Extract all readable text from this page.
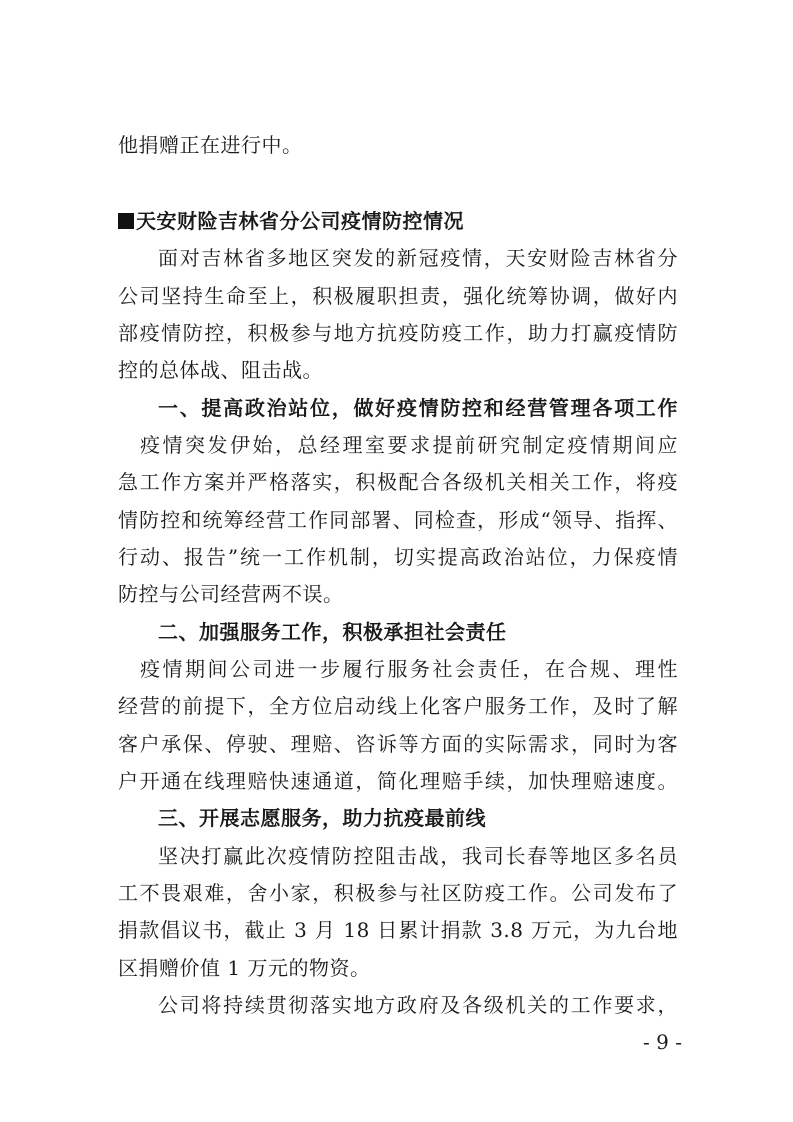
他捐赠正在进行中。
天安财险吉林省分公司疫情防控情况
面对吉林省多地区突发的新冠疫情，天安财险吉林省分
公司坚持生命至上，积极履职担责，强化统筹协调，做好内
部疫情防控，积极参与地方抗疫防疫工作，助力打赢疫情防
控的总体战、阻击战。
一、提高政治站位，做好疫情防控和经营管理各项工作
疫情突发伊始，总经理室要求提前研究制定疫情期间应
急工作方案并严格落实，积极配合各级机关相关工作，将疫
情防控和统筹经营工作同部署、同检查，形成“领导、指挥、
行动、报告”统一工作机制，切实提高政治站位，力保疫情
防控与公司经营两不误。
二、加强服务工作，积极承担社会责任
疫情期间公司进一步履行服务社会责任，在合规、理性
经营的前提下，全方位启动线上化客户服务工作，及时了解
客户承保、停驶、理赔、咨诉等方面的实际需求，同时为客
户开通在线理赔快速通道，简化理赔手续，加快理赔速度。
三、开展志愿服务，助力抗疫最前线
坚决打赢此次疫情防控阻击战，我司长春等地区多名员
工不畏艰难，舍小家，积极参与社区防疫工作。公司发布了
捐款倡议书，截止 3 月 18 日累计捐款 3.8 万元，为九台地
区捐赠价值 1 万元的物资。
公司将持续贯彻落实地方政府及各级机关的工作要求，
- 9 -
